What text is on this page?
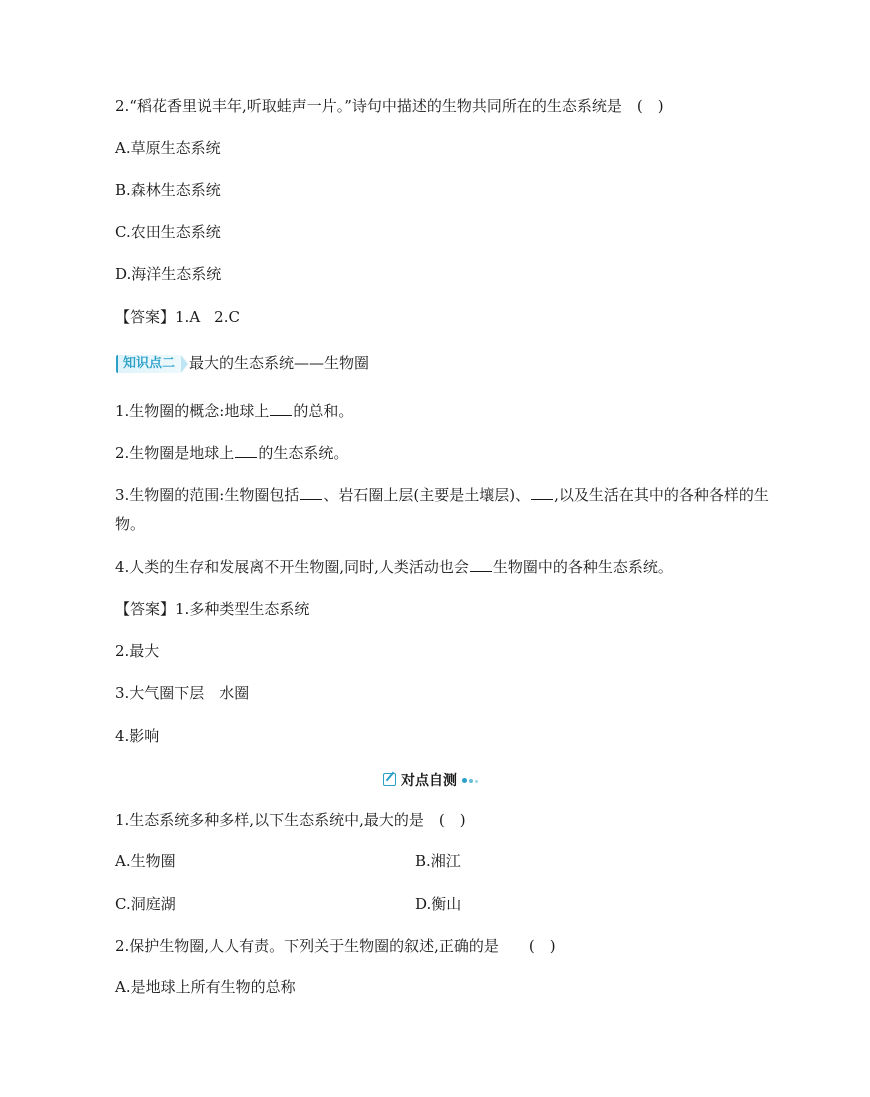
2.“稻花香里说丰年,听取蛙声一片。”诗句中描述的生物共同所在的生态系统是　(　)
A.草原生态系统
B.森林生态系统
C.农田生态系统
D.海洋生态系统
【答案】1.A 2.C
知识点二 最大的生态系统——生物圈
1.生物圈的概念:地球上 的总和。
2.生物圈是地球上 的生态系统。
3.生物圈的范围:生物圈包括 、岩石圈上层(主要是土壤层)、 ,以及生活在其中的各种各样的生
物。
4.人类的生存和发展离不开生物圈,同时,人类活动也会 生物圈中的各种生态系统。
【答案】1.多种类型生态系统
2.最大
3.大气圈下层　水圈
4.影响
对点自测
1.生态系统多种多样,以下生态系统中,最大的是　(　)
A.生物圈	B.湘江
C.洞庭湖	D.衡山
2.保护生物圈,人人有责。下列关于生物圈的叙述,正确的是　　(　)
A.是地球上所有生物的总称
